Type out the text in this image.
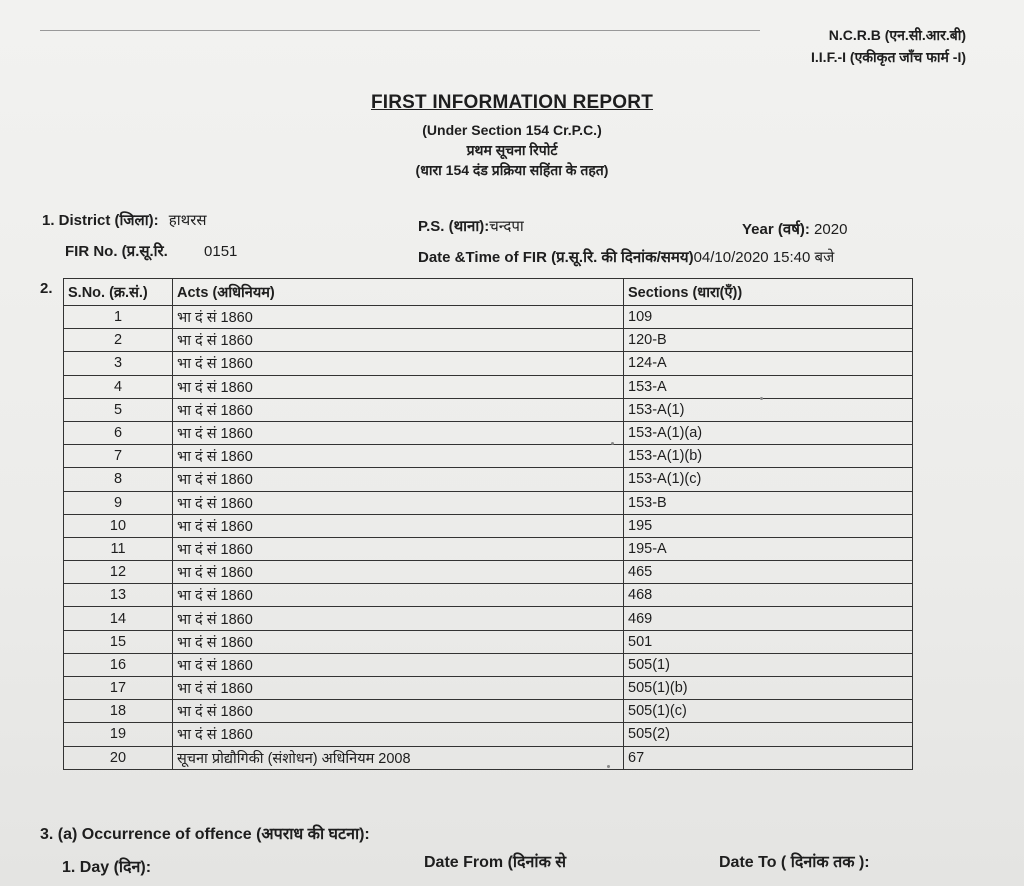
N.C.R.B (एन.सी.आर.बी)
I.I.F.-I (एकीकृत जाँच फार्म -I)
FIRST INFORMATION REPORT
(Under Section 154 Cr.P.C.)
प्रथम सूचना रिपोर्ट
(धारा 154 दंड प्रक्रिया सहिंता के तहत)
1. District (जिला): हाथरस	P.S. (थाना):चन्दपा	Year (वर्ष): 2020
FIR No. (प्र.सू.रि. 0151	Date &Time of FIR (प्र.सू.रि. की दिनांक/समय)04/10/2020 15:40 बजे
2. S.No. (क्र.सं.)	Acts (अधिनियम)	Sections (धारा(एँ))
1	भा दं सं 1860	109
2	भा दं सं 1860	120-B
3	भा दं सं 1860	124-A
4	भा दं सं 1860	153-A
5	भा दं सं 1860	153-A(1)
6	भा दं सं 1860	153-A(1)(a)
7	भा दं सं 1860	153-A(1)(b)
8	भा दं सं 1860	153-A(1)(c)
9	भा दं सं 1860	153-B
10	भा दं सं 1860	195
11	भा दं सं 1860	195-A
12	भा दं सं 1860	465
13	भा दं सं 1860	468
14	भा दं सं 1860	469
15	भा दं सं 1860	501
16	भा दं सं 1860	505(1)
17	भा दं सं 1860	505(1)(b)
18	भा दं सं 1860	505(1)(c)
19	भा दं सं 1860	505(2)
20	सूचना प्रोद्यौगिकी (संशोधन) अधिनियम 2008	67
3. (a) Occurrence of offence (अपराध की घटना):
1. Day (दिन):	Date From (दिनांक से	Date To ( दिनांक तक ):
